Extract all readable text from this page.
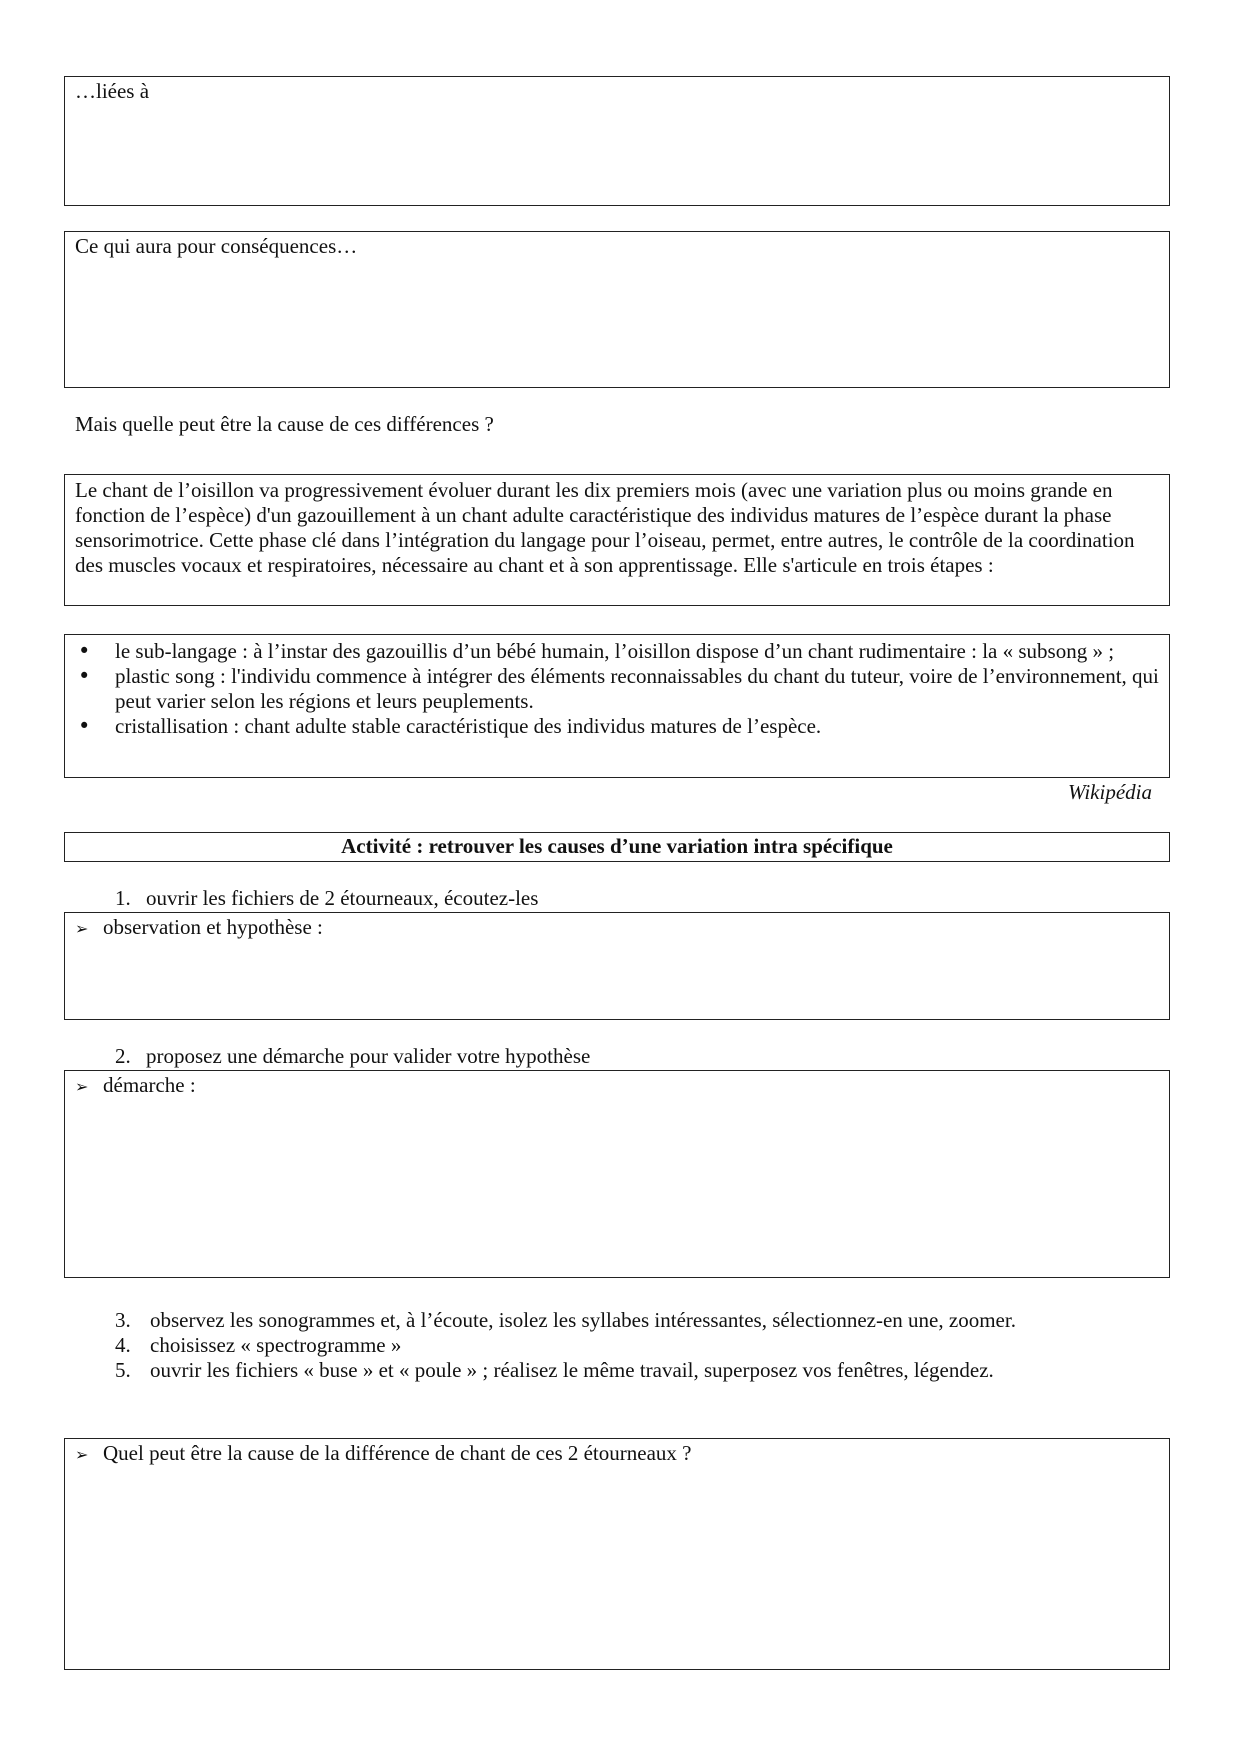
…liées à
Ce qui aura pour conséquences…
Mais quelle peut être la cause de ces différences ?
Le chant de l’oisillon va progressivement évoluer durant les dix premiers mois (avec une variation plus ou moins grande en fonction de l’espèce) d'un gazouillement à un chant adulte caractéristique des individus matures de l’espèce durant la phase sensorimotrice. Cette phase clé dans l’intégration du langage pour l’oiseau, permet, entre autres, le contrôle de la coordination des muscles vocaux et respiratoires, nécessaire au chant et à son apprentissage. Elle s'articule en trois étapes :
• le sub-langage : à l’instar des gazouillis d’un bébé humain, l’oisillon dispose d’un chant rudimentaire : la « subsong » ;
• plastic song : l'individu commence à intégrer des éléments reconnaissables du chant du tuteur, voire de l’environnement, qui peut varier selon les régions et leurs peuplements.
• cristallisation : chant adulte stable caractéristique des individus matures de l’espèce.
Wikipédia
Activité : retrouver les causes d’une variation intra spécifique
1. ouvrir les fichiers de 2 étourneaux, écoutez-les
➢ observation et hypothèse :
2. proposez une démarche pour valider votre hypothèse
➢ démarche :
3. observez les sonogrammes et, à l’écoute, isolez les syllabes intéressantes, sélectionnez-en une, zoomer.
4. choisissez « spectrogramme »
5. ouvrir les fichiers « buse » et « poule » ; réalisez le même travail, superposez vos fenêtres, légendez.
➢ Quel peut être la cause de la différence de chant de ces 2 étourneaux ?
